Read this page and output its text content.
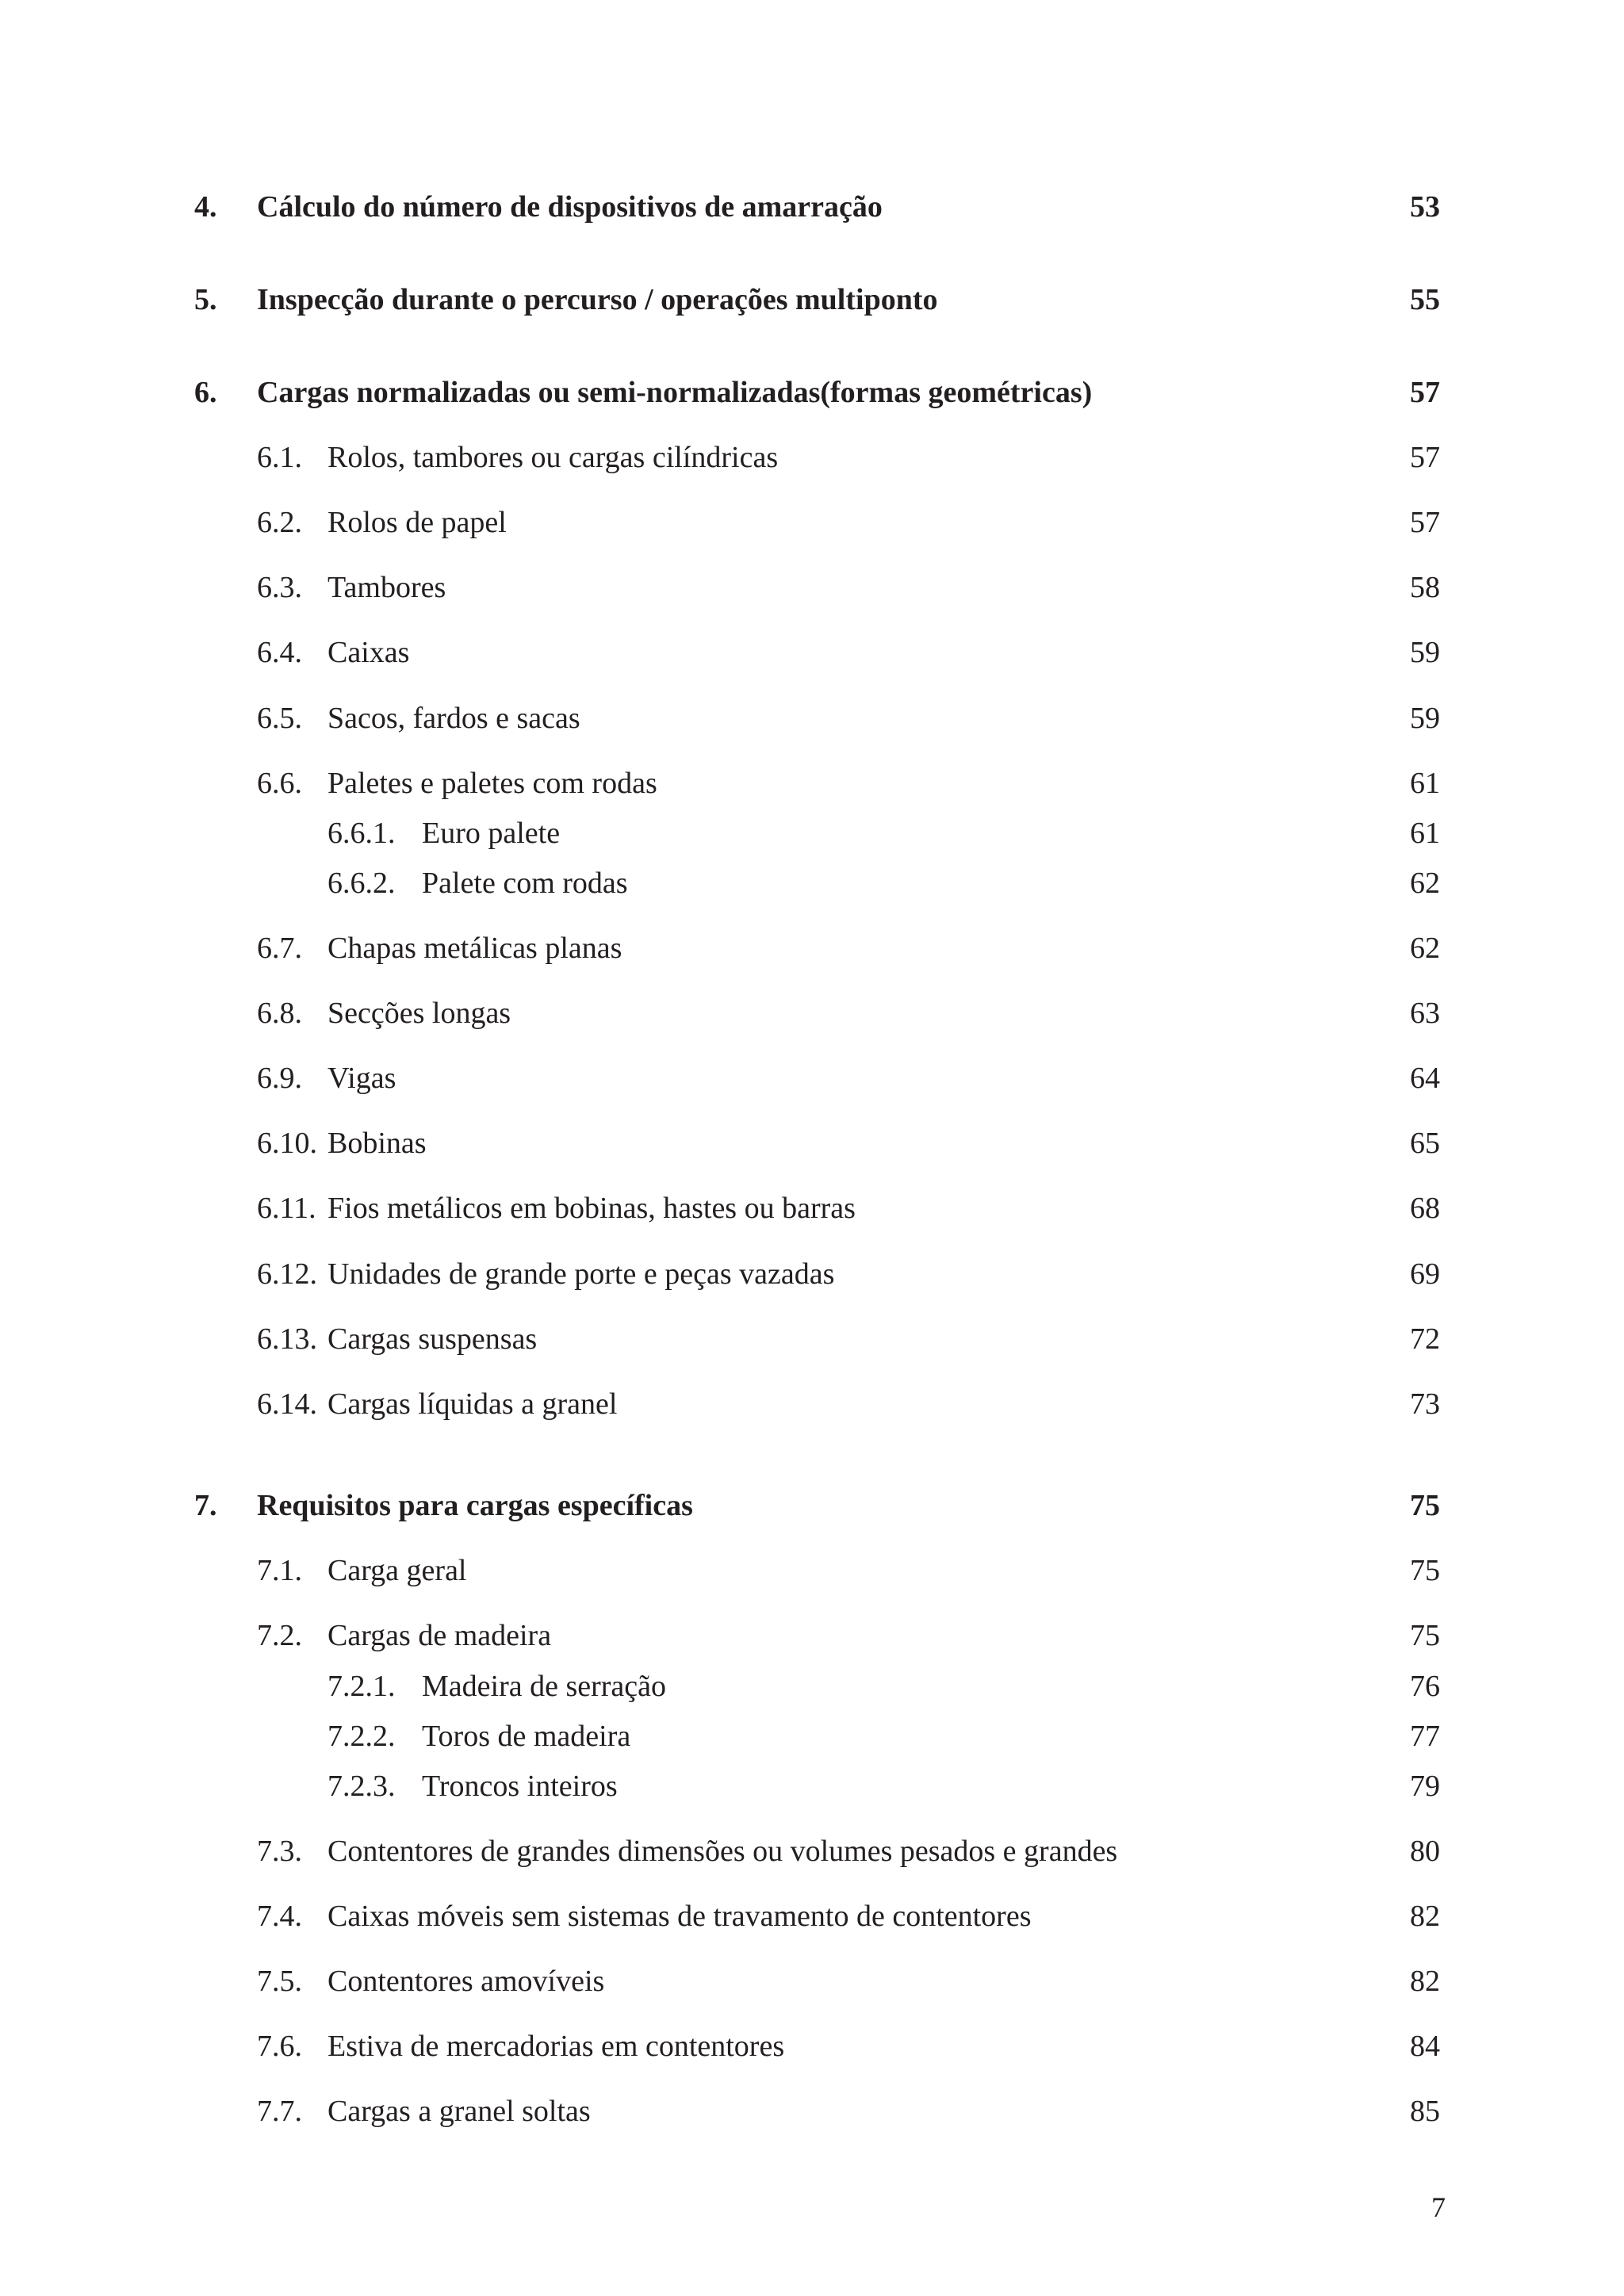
4. Cálculo do número de dispositivos de amarração	53
5. Inspecção durante o percurso / operações multiponto	55
6. Cargas normalizadas ou semi-normalizadas(formas geométricas)	57
6.1. Rolos, tambores ou cargas cilíndricas	57
6.2. Rolos de papel	57
6.3. Tambores	58
6.4. Caixas	59
6.5. Sacos, fardos e sacas	59
6.6. Paletes e paletes com rodas	61
6.6.1. Euro palete	61
6.6.2. Palete com rodas	62
6.7. Chapas metálicas planas	62
6.8. Secções longas	63
6.9. Vigas	64
6.10. Bobinas	65
6.11. Fios metálicos em bobinas, hastes ou barras	68
6.12. Unidades de grande porte e peças vazadas	69
6.13. Cargas suspensas	72
6.14. Cargas líquidas a granel	73
7. Requisitos para cargas específicas	75
7.1. Carga geral	75
7.2. Cargas de madeira	75
7.2.1. Madeira de serração	76
7.2.2. Toros de madeira	77
7.2.3. Troncos inteiros	79
7.3. Contentores de grandes dimensões ou volumes pesados e grandes	80
7.4. Caixas móveis sem sistemas de travamento de contentores	82
7.5. Contentores amovíveis	82
7.6. Estiva de mercadorias em contentores	84
7.7. Cargas a granel soltas	85
7
